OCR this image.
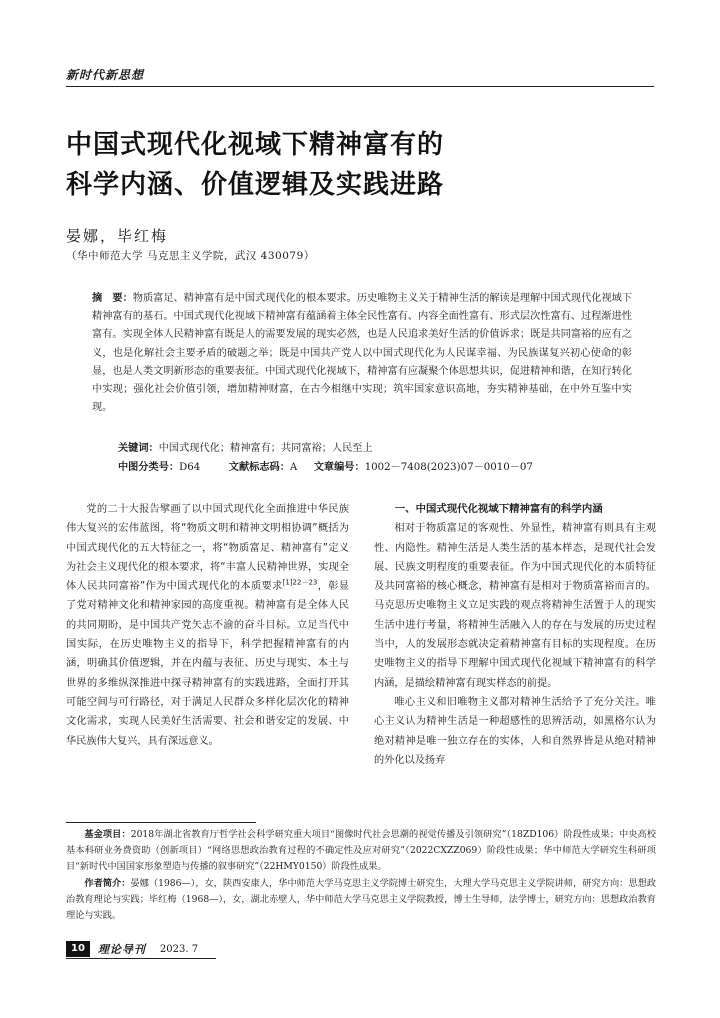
新时代新思想
中国式现代化视域下精神富有的
科学内涵、价值逻辑及实践进路
晏娜，毕红梅
（华中师范大学 马克思主义学院，武汉 430079）
摘　要：物质富足、精神富有是中国式现代化的根本要求。历史唯物主义关于精神生活的解读是理解中国式现代化视域下精神富有的基石。中国式现代化视域下精神富有蕴涵着主体全民性富有、内容全面性富有、形式层次性富有、过程渐进性富有。实现全体人民精神富有既是人的需要发展的现实必然，也是人民追求美好生活的价值诉求；既是共同富裕的应有之义，也是化解社会主要矛盾的破题之举；既是中国共产党人以中国式现代化为人民谋幸福、为民族谋复兴初心使命的彰显，也是人类文明新形态的重要表征。中国式现代化视域下，精神富有应凝聚个体思想共识，促进精神和谐，在知行转化中实现；强化社会价值引领，增加精神财富，在古今相继中实现；筑牢国家意识高地，夯实精神基础，在中外互鉴中实现。
关键词：中国式现代化；精神富有；共同富裕；人民至上
中图分类号：D64	文献标志码：A 文章编号：1002－7408(2023)07－0010－07

党的二十大报告擘画了以中国式现代化全面推进中华民族伟大复兴的宏伟蓝图，将“物质文明和精神文明相协调”概括为中国式现代化的五大特征之一，将“物质富足、精神富有”定义为社会主义现代化的根本要求，将“丰富人民精神世界，实现全体人民共同富裕”作为中国式现代化的本质要求$^{[1]22-23}$，彰显了党对精神文化和精神家园的高度重视。精神富有是全体人民的共同期盼，是中国共产党矢志不渝的奋斗目标。立足当代中国实际，在历史唯物主义的指导下，科学把握精神富有的内涵，明确其价值逻辑，并在内蕴与表征、历史与现实、本土与世界的多维纵深推进中探寻精神富有的实践进路，全面打开其可能空间与可行路径，对于满足人民群众多样化层次化的精神文化需求，实现人民美好生活需要、社会和谐安定的发展、中华民族伟大复兴，具有深远意义。

一、中国式现代化视域下精神富有的科学内涵

相对于物质富足的客观性、外显性，精神富有则具有主观性、内隐性。精神生活是人类生活的基本样态，是现代社会发展、民族文明程度的重要表征。作为中国式现代化的本质特征及共同富裕的核心概念，精神富有是相对于物质富裕而言的。马克思历史唯物主义立足实践的观点将精神生活置于人的现实生活中进行考量，将精神生活融入人的存在与发展的历史过程当中，人的发展形态就决定着精神富有目标的实现程度。在历史唯物主义的指导下理解中国式现代化视域下精神富有的科学内涵，是描绘精神富有现实样态的前提。

唯心主义和旧唯物主义都对精神生活给予了充分关注。唯心主义认为精神生活是一种超感性的思辨活动，如黑格尔认为绝对精神是唯一独立存在的实体，人和自然界皆是从绝对精神的外化以及扬弃

基金项目：2018年湖北省教育厅哲学社会科学研究重大项目“图像时代社会思潮的视觉传播及引领研究”（18ZD106）阶段性成果；中央高校基本科研业务费资助（创新项目）“网络思想政治教育过程的不确定性及应对研究”（2022CXZZ069）阶段性成果；华中师范大学研究生科研项目“新时代中国国家形象塑造与传播的叙事研究”（22HMY0150）阶段性成果。

作者简介：晏娜（1986—），女，陕西安康人，华中师范大学马克思主义学院博士研究生，大理大学马克思主义学院讲师，研究方向：思想政治教育理论与实践；毕红梅（1968—），女，湖北赤壁人，华中师范大学马克思主义学院教授，博士生导师，法学博士，研究方向：思想政治教育理论与实践。

10	理论导刊 2023. 7
